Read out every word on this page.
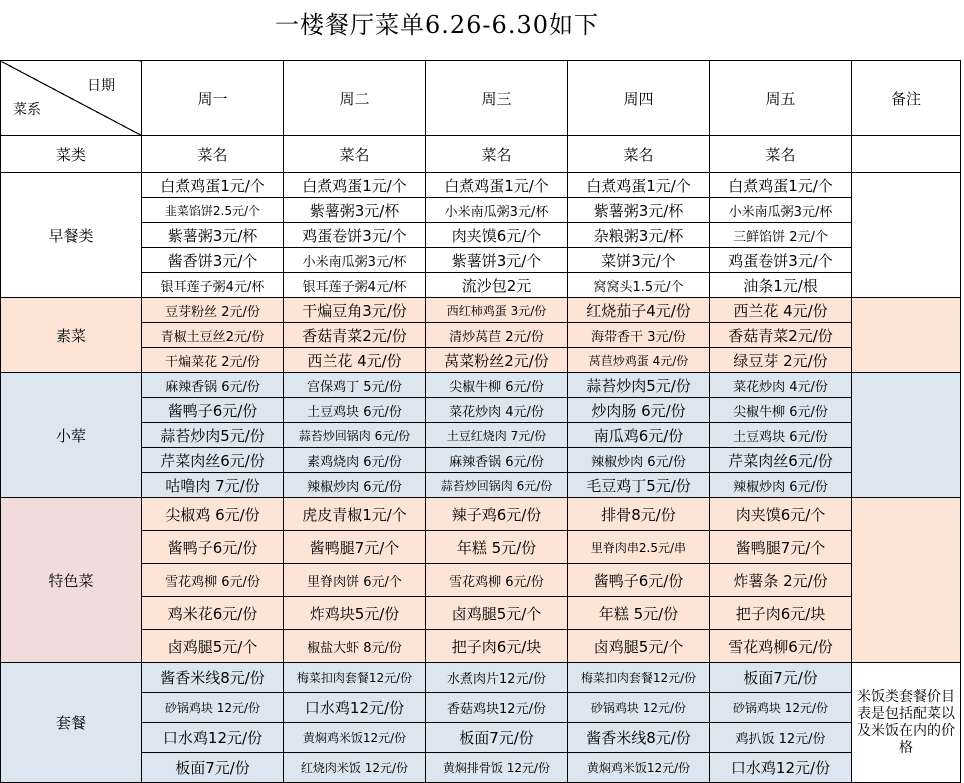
一楼餐厅菜单6.26-6.30如下
日期
菜系	周一	周二	周三	周四	周五	备注
菜类	菜名	菜名	菜名	菜名	菜名	
早餐类	白煮鸡蛋1元/个	白煮鸡蛋1元/个	白煮鸡蛋1元/个	白煮鸡蛋1元/个	白煮鸡蛋1元/个	
	韭菜馅饼2.5元/个	紫薯粥3元/杯	小米南瓜粥3元/杯	紫薯粥3元/杯	小米南瓜粥3元/杯	
	紫薯粥3元/杯	鸡蛋卷饼3元/个	肉夹馍6元/个	杂粮粥3元/杯	三鲜馅饼 2元/个	
	酱香饼3元/个	小米南瓜粥3元/杯	紫薯饼3元/个	菜饼3元/个	鸡蛋卷饼3元/个	
	银耳莲子粥4元/杯	银耳莲子粥4元/杯	流沙包2元	窝窝头1.5元/个	油条1元/根	
素菜	豆芽粉丝 2元/份	干煸豆角3元/份	西红柿鸡蛋 3元/份	红烧茄子4元/份	西兰花 4元/份	
	青椒土豆丝2元/份	香菇青菜2元/份	清炒莴苣 2元/份	海带香干 3元/份	香菇青菜2元/份	
	干煸菜花 2元/份	西兰花 4元/份	莴菜粉丝2元/份	莴苣炒鸡蛋 4元/份	绿豆芽 2元/份	
小荤	麻辣香锅 6元/份	宫保鸡丁 5元/份	尖椒牛柳 6元/份	蒜苔炒肉5元/份	菜花炒肉 4元/份	
	酱鸭子6元/份	土豆鸡块 6元/份	菜花炒肉 4元/份	炒肉肠 6元/份	尖椒牛柳 6元/份	
	蒜苔炒肉5元/份	蒜苔炒回锅肉 6元/份	土豆红烧肉 7元/份	南瓜鸡6元/份	土豆鸡块 6元/份	
	芹菜肉丝6元/份	素鸡烧肉 6元/份	麻辣香锅 6元/份	辣椒炒肉 6元/份	芹菜肉丝6元/份	
	咕噜肉 7元/份	辣椒炒肉 6元/份	蒜苔炒回锅肉 6元/份	毛豆鸡丁5元/份	辣椒炒肉 6元/份	
特色菜	尖椒鸡 6元/份	虎皮青椒1元/个	辣子鸡6元/份	排骨8元/份	肉夹馍6元/个	
	酱鸭子6元/份	酱鸭腿7元/个	年糕 5元/份	里脊肉串2.5元/串	酱鸭腿7元/个	
	雪花鸡柳 6元/份	里脊肉饼 6元/个	雪花鸡柳 6元/份	酱鸭子6元/份	炸薯条 2元/份	
	鸡米花6元/份	炸鸡块5元/份	卤鸡腿5元/个	年糕 5元/份	把子肉6元/块	
	卤鸡腿5元/个	椒盐大虾 8元/份	把子肉6元/块	卤鸡腿5元/个	雪花鸡柳6元/份	
套餐	酱香米线8元/份	梅菜扣肉套餐12元/份	水煮肉片12元/份	梅菜扣肉套餐12元/份	板面7元/份	米饭类套餐价目表是包括配菜以及米饭在内的价格

	砂锅鸡块 12元/份	口水鸡12元/份	香菇鸡块12元/份	砂锅鸡块 12元/份	砂锅鸡块 12元/份	
	口水鸡12元/份	黄焖鸡米饭12元/份	板面7元/份	酱香米线8元/份	鸡扒饭 12元/份	
	板面7元/份	红烧肉米饭 12元/份	黄焖排骨饭 12元/份	黄焖鸡米饭12元/份	口水鸡12元/份	
